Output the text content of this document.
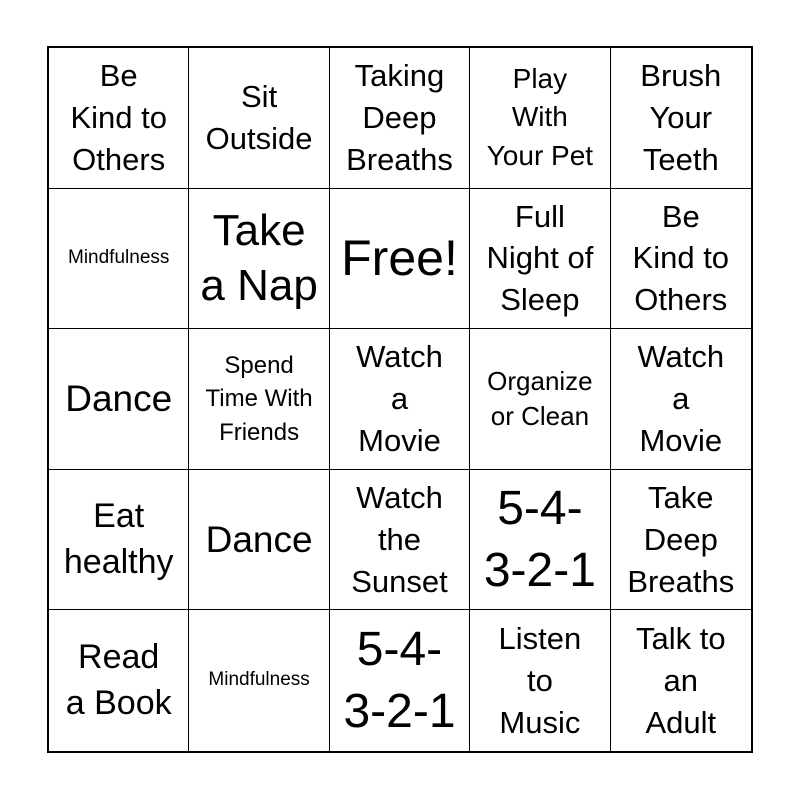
Be
Kind to
Others
Sit
Outside
Taking
Deep
Breaths
Play
With
Your Pet
Brush
Your
Teeth
Mindfulness
Take
a Nap Free!
Full
Night of
Sleep
Be
Kind to
Others
Dance
Spend
Time With
Friends
Watch
a
Movie
Organize
or Clean
Watch
a
Movie
Eat
healthy
Dance
Watch
the
Sunset
5-4-
3-2-1
Take
Deep
Breaths
Read
a Book
Mindfulness
5-4-
3-2-1
Listen
to
Music
Talk to
an
Adult
